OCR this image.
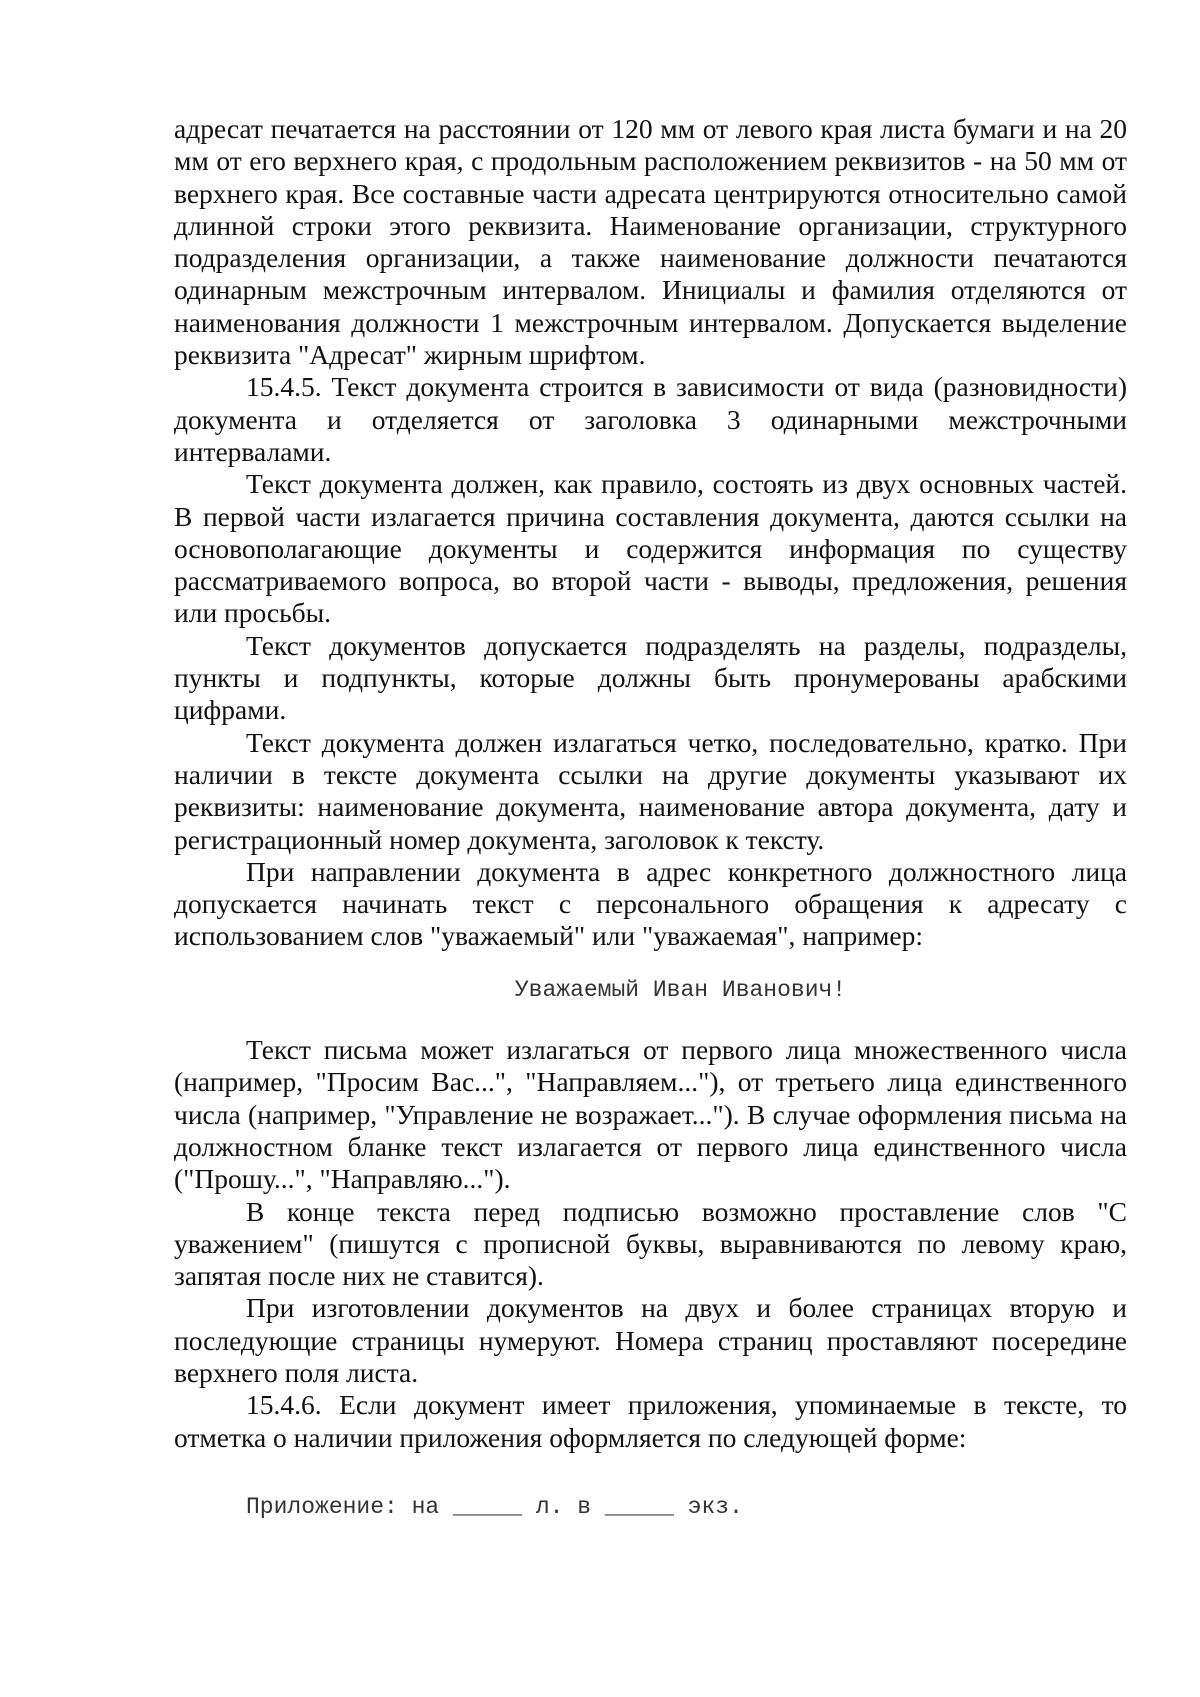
адресат печатается на расстоянии от 120 мм от левого края листа бумаги и на 20 мм от его верхнего края, с продольным расположением реквизитов - на 50 мм от верхнего края. Все составные части адресата центрируются относительно самой длинной строки этого реквизита. Наименование организации, структурного подразделения организации, а также наименование должности печатаются одинарным межстрочным интервалом. Инициалы и фамилия отделяются от наименования должности 1 межстрочным интервалом. Допускается выделение реквизита "Адресат" жирным шрифтом.

15.4.5. Текст документа строится в зависимости от вида (разновидности) документа и отделяется от заголовка 3 одинарными межстрочными интервалами.

Текст документа должен, как правило, состоять из двух основных частей. В первой части излагается причина составления документа, даются ссылки на основополагающие документы и содержится информация по существу рассматриваемого вопроса, во второй части - выводы, предложения, решения или просьбы.

Текст документов допускается подразделять на разделы, подразделы, пункты и подпункты, которые должны быть пронумерованы арабскими цифрами.

Текст документа должен излагаться четко, последовательно, кратко. При наличии в тексте документа ссылки на другие документы указывают их реквизиты: наименование документа, наименование автора документа, дату и регистрационный номер документа, заголовок к тексту.

При направлении документа в адрес конкретного должностного лица допускается начинать текст с персонального обращения к адресату с использованием слов "уважаемый" или "уважаемая", например:

Уважаемый Иван Иванович!

Текст письма может излагаться от первого лица множественного числа (например, "Просим Вас...", "Направляем..."), от третьего лица единственного числа (например, "Управление не возражает..."). В случае оформления письма на должностном бланке текст излагается от первого лица единственного числа ("Прошу...", "Направляю...").

В конце текста перед подписью возможно проставление слов "С уважением" (пишутся с прописной буквы, выравниваются по левому краю, запятая после них не ставится).

При изготовлении документов на двух и более страницах вторую и последующие страницы нумеруют. Номера страниц проставляют посередине верхнего поля листа.

15.4.6. Если документ имеет приложения, упоминаемые в тексте, то отметка о наличии приложения оформляется по следующей форме:

Приложение: на _____ л. в _____ экз.
